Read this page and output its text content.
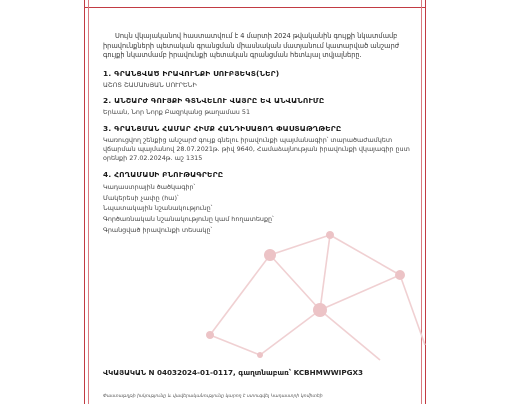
Սույն վկայականով հաստատվում է 4 մարտի 2024 թվականին գույքի նկատմամբ իրավունքների պետական գրանցման միասնական մատյանում կատարված անշարժ գույքի նկատմամբ իրավունքի պետական գրանցման հետևյալ տվյալները.

1. ԳՐԱՆՑՎԱԾ ԻՐԱՎՈՒՆՔԻ ՍՈՒԲՅԵԿՏ(ՆԵՐ)
ԱՇՈՏ ՇԱՄԱԽՅԱՆ ՍՈՒՐԵՆԻ
2. ԱՆՇԱՐԺ ԳՈՒՅՔԻ ԳՏՆՎԵԼՈՒ ՎԱՅՐԸ ԵՎ ԱՆՎԱՆՈՒՄԸ
Երևան, Նոր Նորք Բազրկանց թաղամաս 51
3. ԳՐԱՆՑՄԱՆ ՀԱՄԱՐ ՀԻՄՔ ՀԱՆԴԻՍԱՑՈՂ ՓԱՍՏԱԹՂԹԵՐԸ
Կառուցվող շենքից անշարժ գույք գնելու իրավունքի պայմանագիր՝ տարածաժամկետ վճարման պայմանով 28.07.2021թ. թիվ 9640, Համաձայնության իրավունքի վկայագիր ըստ օրենքի 27.02.2024թ. աշ 1315
4. ՀՈՂԱՄԱՍԻ ԲՆՈՒԹԱԳՐԵՐԸ
Կադաստրային ծածկագիր՝
Մակերեսի չափը (հա)՝
Նպատակային նշանակությունը՝
Գործառնական նշանակությունը կամ հողատեսքը՝
Գրանցված իրավունքի տեսակը՝
ՎԿԱՅԱԿԱՆ N 04032024-01-0117, գաղտնաբառ՝ KCBHMWWIPGX3
Փաստաթղթի իսկությունը և վավերականությունը կարող է ստուգվել Կադաստրի կոմիտեի
